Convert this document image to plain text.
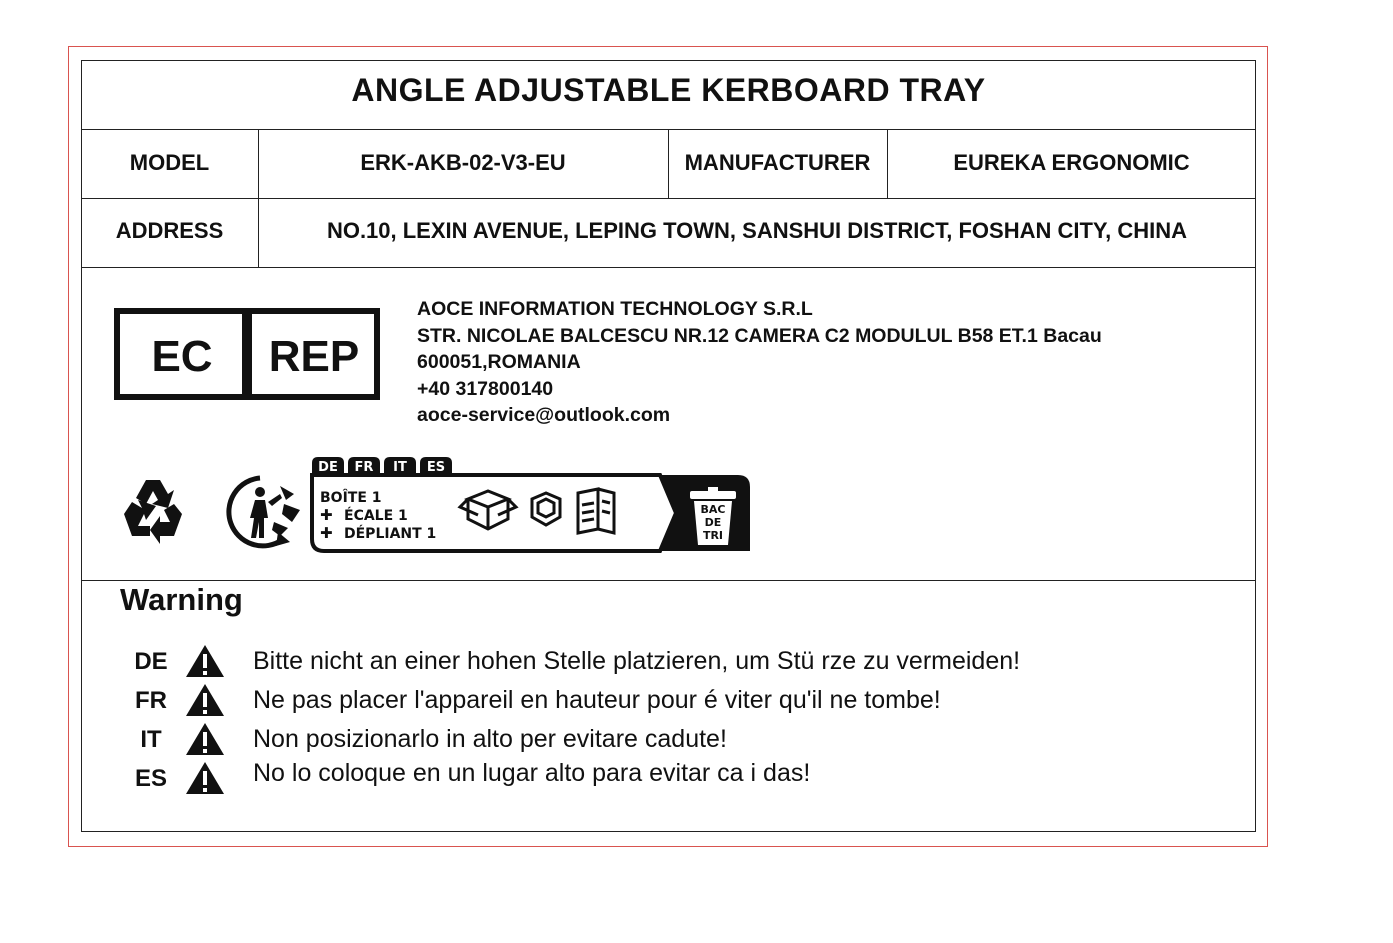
ANGLE ADJUSTABLE KERBOARD TRAY
MODEL	ERK-AKB-02-V3-EU	MANUFACTURER	EUREKA ERGONOMIC
ADDRESS	NO.10, LEXIN AVENUE, LEPING TOWN, SANSHUI DISTRICT, FOSHAN CITY, CHINA
EC REP
AOCE INFORMATION TECHNOLOGY S.R.L
STR. NICOLAE BALCESCU NR.12 CAMERA C2 MODULUL B58 ET.1 Bacau
600051,ROMANIA
+40 317800140
aoce-service@outlook.com
DE FR IT ES
BOÎTE 1
✚ ÉCALE 1
✚ DÉPLIANT 1
BAC
DE
TRI
Warning
DE	Bitte nicht an einer hohen Stelle platzieren, um Stü rze zu vermeiden!
FR	Ne pas placer l'appareil en hauteur pour é viter qu'il ne tombe!
IT	Non posizionarlo in alto per evitare cadute!
ES	No lo coloque en un lugar alto para evitar ca i das!
